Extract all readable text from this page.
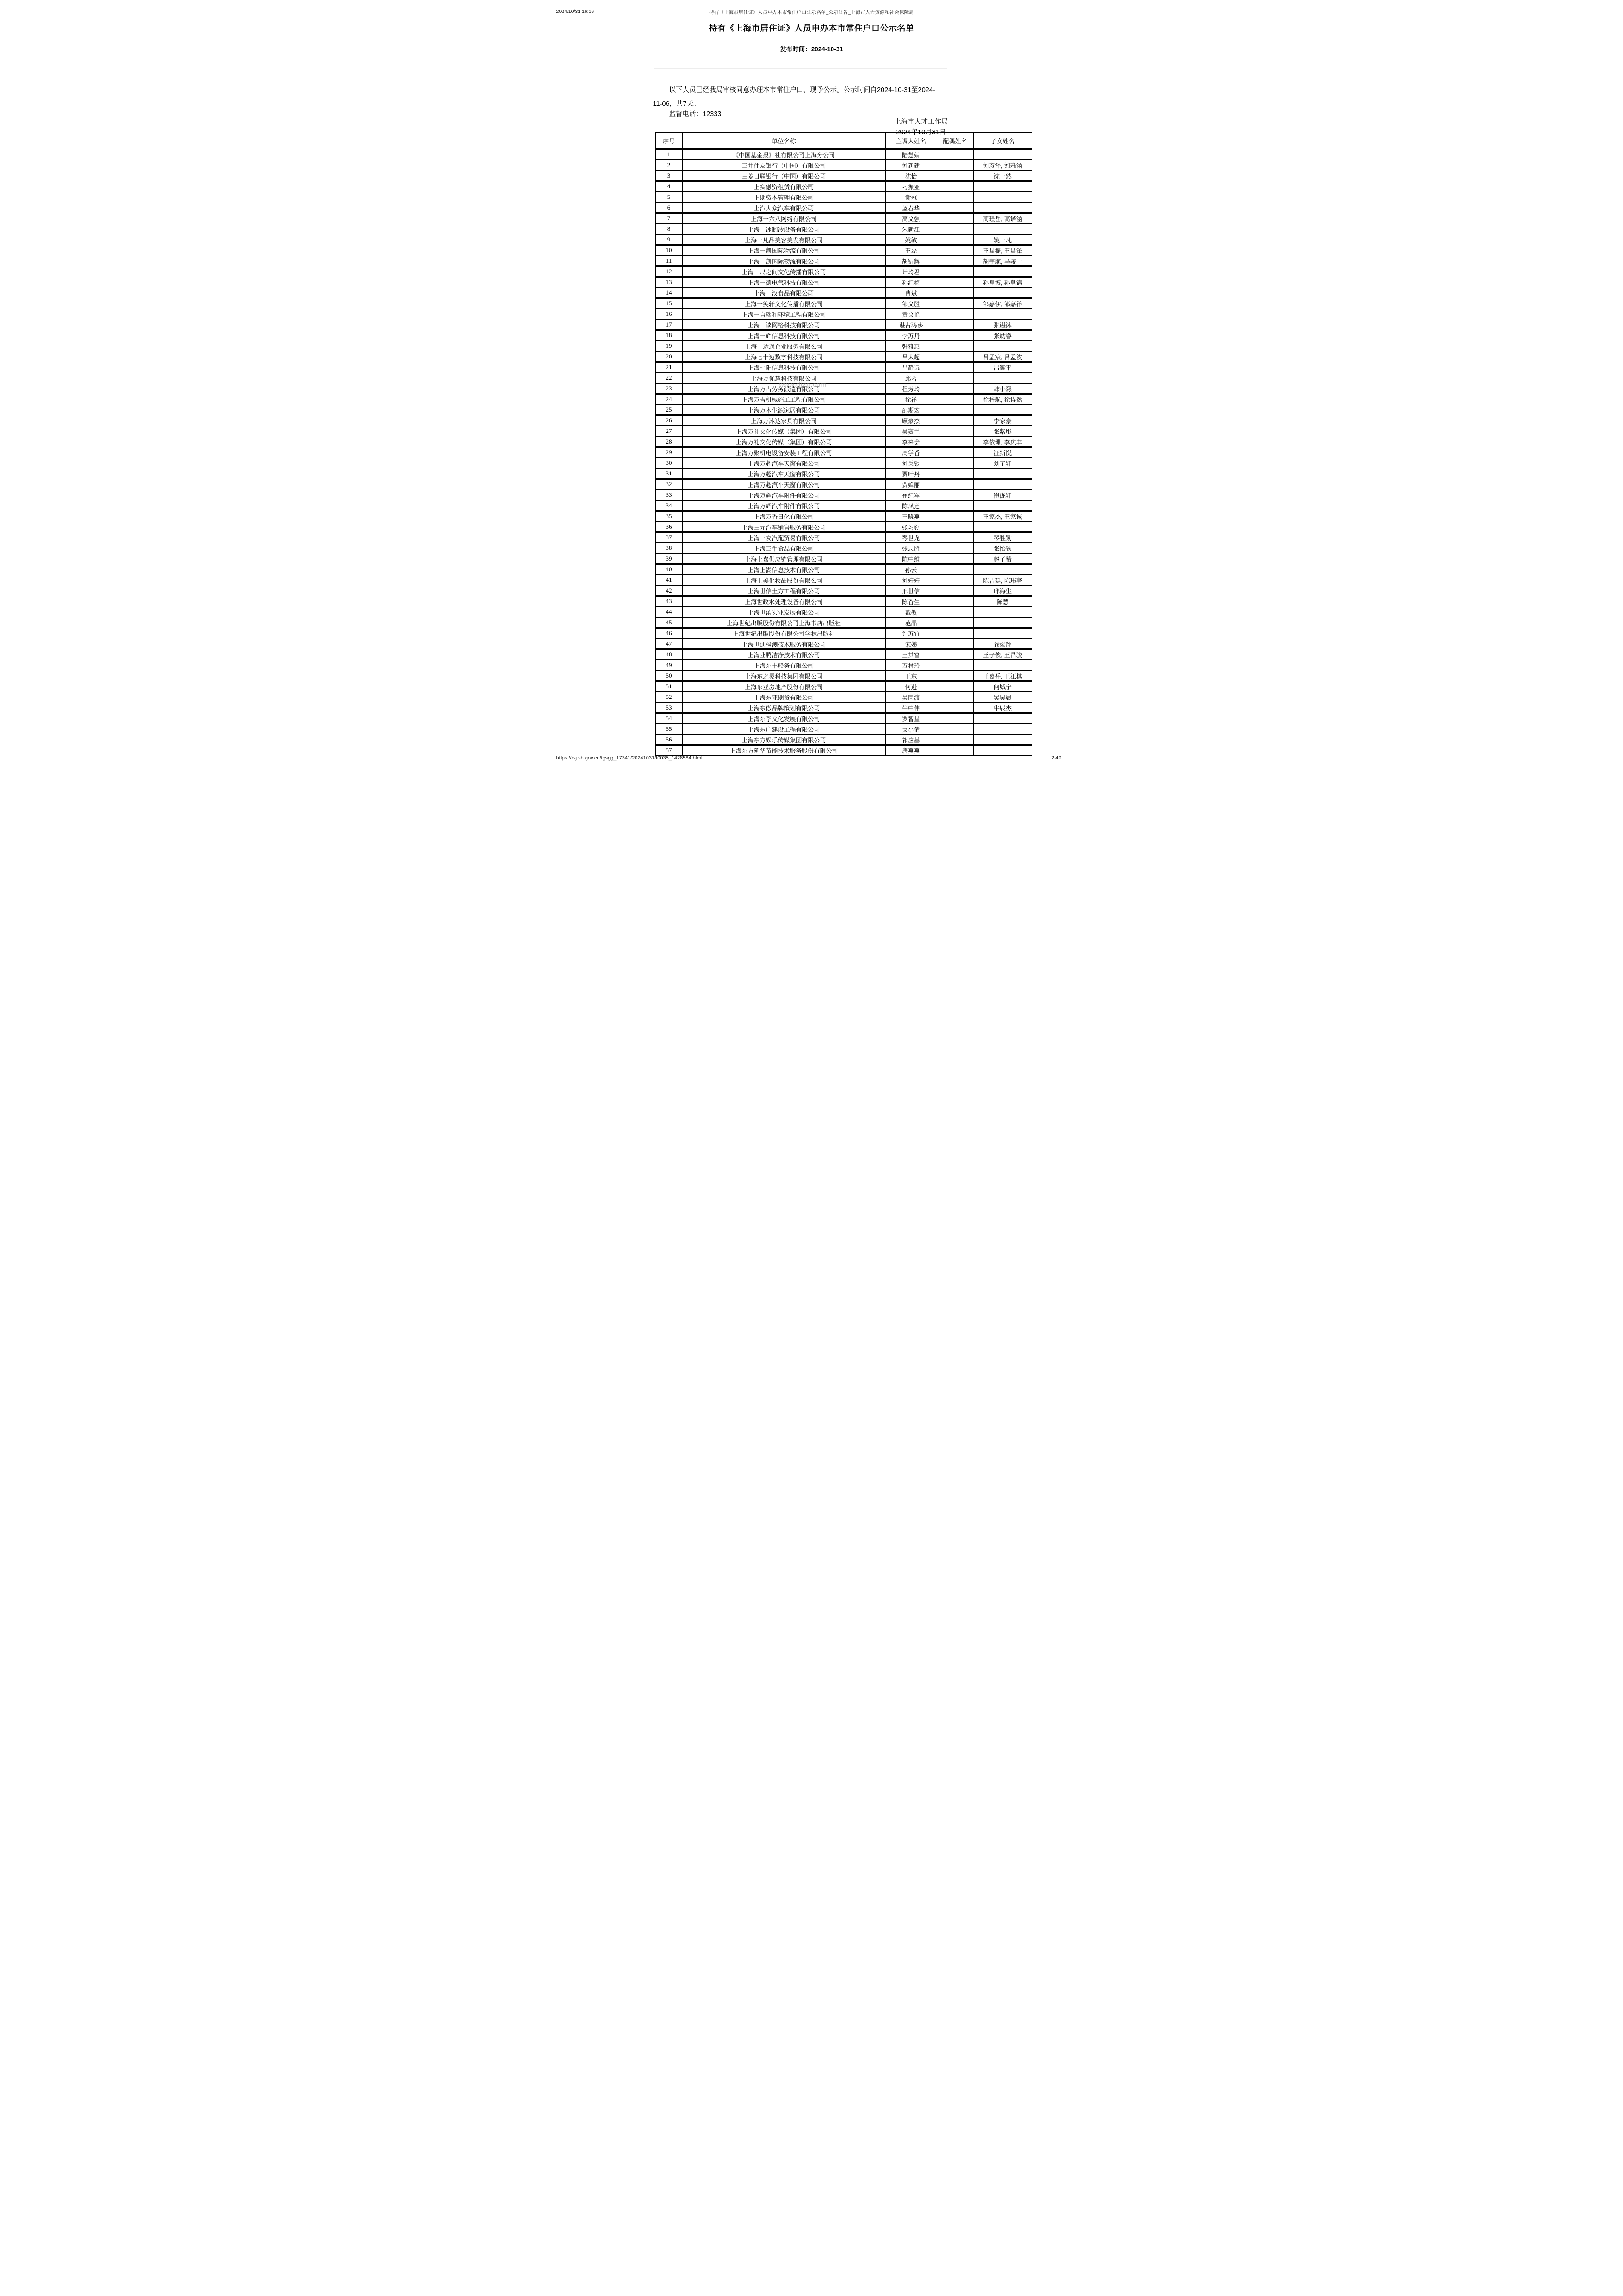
2024/10/31 16:16	持有《上海市居住证》人员申办本市常住户口公示名单_公示公告_上海市人力资源和社会保障局
持有《上海市居住证》人员申办本市常住户口公示名单
发布时间：2024-10-31
以下人员已经我局审核同意办理本市常住户口，现予公示。公示时间自2024-10-31至2024-
11-06，共7天。
监督电话：12333
上海市人才工作局
2024年10月31日
序号	单位名称	主调人姓名	配偶姓名	子女姓名
1	《中国基金报》社有限公司上海分公司	陆慧婧		
2	三井住友银行（中国）有限公司	刘新建		刘彦泽, 刘雅涵
3	三菱日联银行（中国）有限公司	沈怡		沈一然
4	上实融资租赁有限公司	刁振亚		
5	上期资本管理有限公司	谢冠		
6	上汽大众汽车有限公司	蓝春华		
7	上海一六八网络有限公司	高文强		高璟岳, 高诺涵
8	上海一冰制冷设备有限公司	朱新江		
9	上海一凡品美容美发有限公司	姚敏		姚一凡
10	上海一凯国际物流有限公司	王磊		王星桭, 王星泽
11	上海一凯国际物流有限公司	胡锦辉		胡宇航, 马骏一
12	上海一尺之间文化传播有限公司	计玲君		
13	上海一德电气科技有限公司	孙红梅		孙皇博, 孙皇锦
14	上海一汉食品有限公司	曹斌		
15	上海一笑轩文化传播有限公司	邹文胜		邹嘉伊, 邹嘉祥
16	上海一言瑞和环境工程有限公司	黄文艳		
17	上海一谈网络科技有限公司	谌古鸿莎		张谌沐
18	上海一辉信息科技有限公司	李苏丹		张幼睿
19	上海一达通企业服务有限公司	韩雅惠		
20	上海七十迈数字科技有限公司	吕太超		吕孟宸, 吕孟波
21	上海七阳信息科技有限公司	吕静远		吕瀚平
22	上海万优慧科技有限公司	邱茗		
23	上海万古劳务派遣有限公司	程芳玲		韩小熙
24	上海万吉机械施工工程有限公司	徐祥		徐梓航, 徐诗然
25	上海万木生源家居有限公司	邵期宏		
26	上海万沐达家具有限公司	顾豪杰		李家豪
27	上海万礼文化传媒（集团）有限公司	吴赛兰		张紫彤
28	上海万礼文化传媒（集团）有限公司	李来会		李依珊, 李庆丰
29	上海万聚机电设备安装工程有限公司	周学香		汪新悦
30	上海万超汽车天窗有限公司	刘秉银		刘子轩
31	上海万超汽车天窗有限公司	贾叶丹		
32	上海万超汽车天窗有限公司	贾婵丽		
33	上海万辉汽车附件有限公司	崔红军		崔泷轩
34	上海万辉汽车附件有限公司	陈凤莲		
35	上海万香日化有限公司	王晓燕		王家杰, 王家诚
36	上海三元汽车销售服务有限公司	张习领		
37	上海三友汽配贸易有限公司	琴世龙		琴胜勋
38	上海三牛食品有限公司	张忠胜		张怡欣
39	上海上嘉供应链管理有限公司	陈中维		赵子希
40	上海上湖信息技术有限公司	孙云		
41	上海上美化妆品股份有限公司	刘婷婷		陈吉廷, 陈玮亭
42	上海世信土方工程有限公司	邢世信		邢海生
43	上海世政水处理设备有限公司	陈香生		陈慧
44	上海世滨实业发展有限公司	戴敏		
45	上海世纪出版股份有限公司上海书店出版社	范晶		
46	上海世纪出版股份有限公司学林出版社	许苏宜		
47	上海世通检测技术服务有限公司	宋娣		龚渤翔
48	上海业腾洁净技术有限公司	王其富		王子俊, 王昌骏
49	上海东丰船务有限公司	万林玲		
50	上海东之灵科技集团有限公司	王东		王嘉岳, 王江棋
51	上海东亚房地产股份有限公司	何进		何城宁
52	上海东亚期货有限公司	吴同渡		吴昊晨
53	上海东傲品牌策划有限公司	牛中伟		牛辰杰
54	上海东孚文化发展有限公司	罗智星		
55	上海东广建设工程有限公司	支小倩		
56	上海东方娱乐传媒集团有限公司	祁应基		
57	上海东方延华节能技术服务股份有限公司	唐燕燕		
www.dtzg.com
https://rsj.sh.gov.cn/tgsgg_17341/20241031/t0035_1428584.html	2/49
